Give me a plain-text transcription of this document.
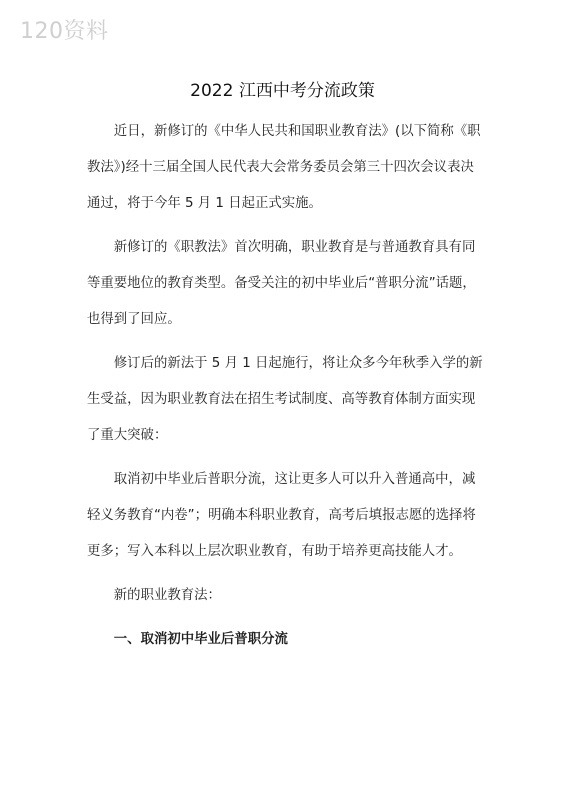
120资料
2022 江西中考分流政策

近日，新修订的《中华人民共和国职业教育法》(以下简称《职
教法》)经十三届全国人民代表大会常务委员会第三十四次会议表决
通过，将于今年 5 月 1 日起正式实施。

新修订的《职教法》首次明确，职业教育是与普通教育具有同
等重要地位的教育类型。备受关注的初中毕业后“普职分流”话题，
也得到了回应。

修订后的新法于 5 月 1 日起施行，将让众多今年秋季入学的新
生受益，因为职业教育法在招生考试制度、高等教育体制方面实现
了重大突破：

取消初中毕业后普职分流，这让更多人可以升入普通高中，减
轻义务教育“内卷”；明确本科职业教育，高考后填报志愿的选择将
更多；写入本科以上层次职业教育，有助于培养更高技能人才。

新的职业教育法：

一、取消初中毕业后普职分流
